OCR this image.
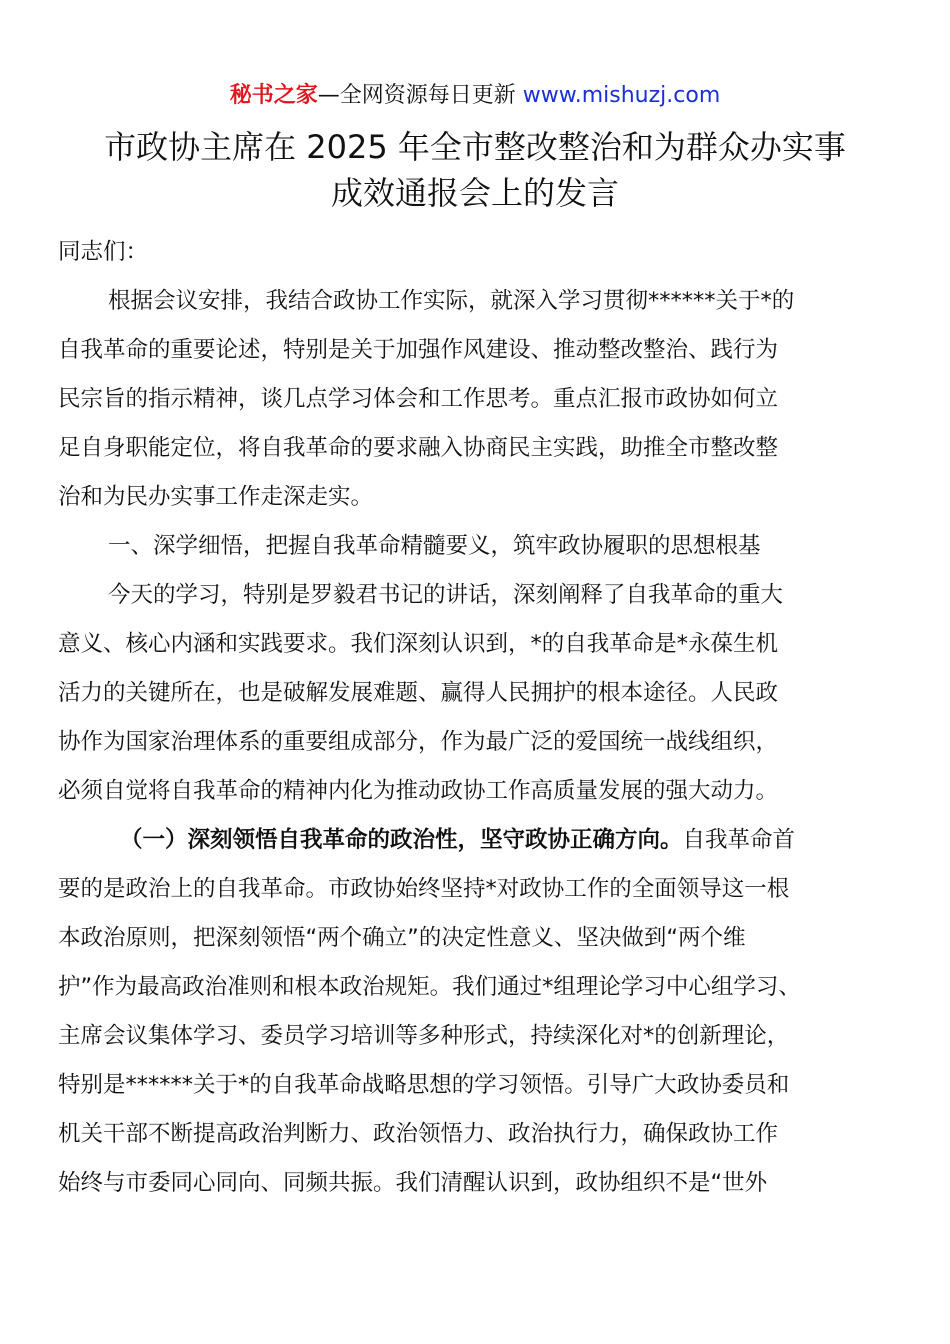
秘书之家—全网资源每日更新 www.mishuzj.com
市政协主席在 2025 年全市整改整治和为群众办实事
成效通报会上的发言
同志们：
根据会议安排，我结合政协工作实际，就深入学习贯彻******关于*的
自我革命的重要论述，特别是关于加强作风建设、推动整改整治、践行为
民宗旨的指示精神，谈几点学习体会和工作思考。重点汇报市政协如何立
足自身职能定位，将自我革命的要求融入协商民主实践，助推全市整改整
治和为民办实事工作走深走实。
一、深学细悟，把握自我革命精髓要义，筑牢政协履职的思想根基
今天的学习，特别是罗毅君书记的讲话，深刻阐释了自我革命的重大
意义、核心内涵和实践要求。我们深刻认识到，*的自我革命是*永葆生机
活力的关键所在，也是破解发展难题、赢得人民拥护的根本途径。人民政
协作为国家治理体系的重要组成部分，作为最广泛的爱国统一战线组织，
必须自觉将自我革命的精神内化为推动政协工作高质量发展的强大动力。
（一）深刻领悟自我革命的政治性，坚守政协正确方向。自我革命首
要的是政治上的自我革命。市政协始终坚持*对政协工作的全面领导这一根
本政治原则，把深刻领悟“两个确立”的决定性意义、坚决做到“两个维
护”作为最高政治准则和根本政治规矩。我们通过*组理论学习中心组学习、
主席会议集体学习、委员学习培训等多种形式，持续深化对*的创新理论，
特别是******关于*的自我革命战略思想的学习领悟。引导广大政协委员和
机关干部不断提高政治判断力、政治领悟力、政治执行力，确保政协工作
始终与市委同心同向、同频共振。我们清醒认识到，政协组织不是“世外
